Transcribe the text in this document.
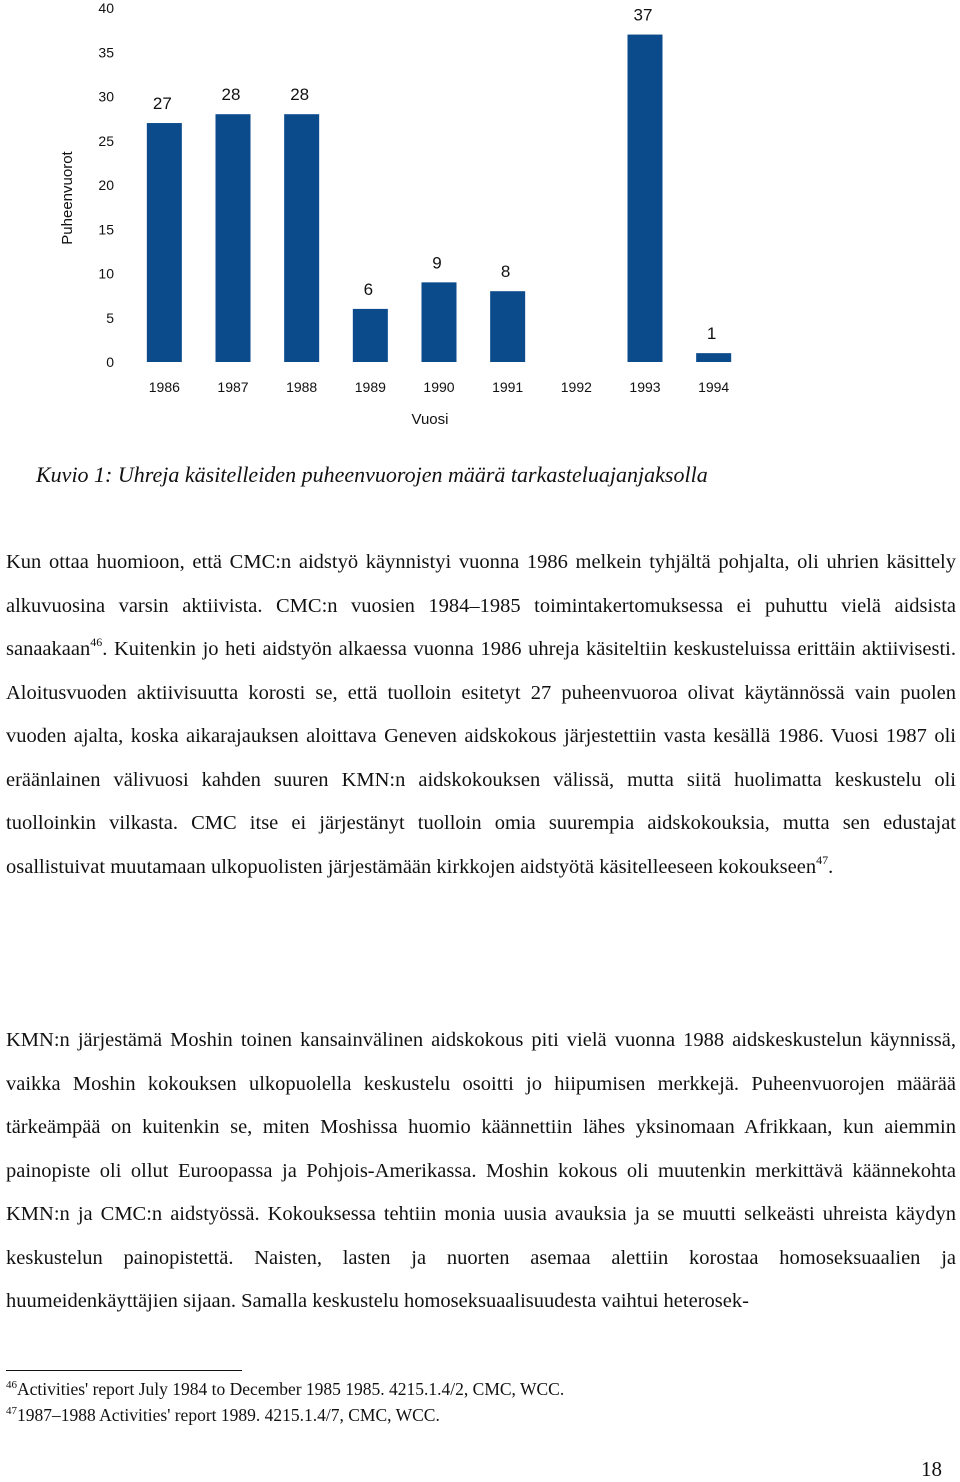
Puheenvuorot
0
5
10
15
20
25
30
35
40
27	28	28
6
9	8
37
1
1986	1987	1988	1989	1990	1991	1992	1993	1994
Vuosi

Kuvio 1: Uhreja käsitelleiden puheenvuorojen määrä tarkasteluajanjaksolla

Kun ottaa huomioon, että CMC:n aidstyö käynnistyi vuonna 1986 melkein tyhjältä pohjalta, oli uhrien käsittely alkuvuosina varsin aktiivista. CMC:n vuosien 1984–1985 toimintakertomuksessa ei puhuttu vielä aidsista sanaakaan$^{46}$. Kuitenkin jo heti aidstyön alkaessa vuonna 1986 uhreja käsiteltiin keskusteluissa erittäin aktiivisesti. Aloitusvuoden aktiivisuutta korosti se, että tuolloin esitetyt 27 puheenvuoroa olivat käytännössä vain puolen vuoden ajalta, koska aikarajauksen aloittava Geneven aidskokous järjestettiin vasta kesällä 1986. Vuosi 1987 oli eräänlainen välivuosi kahden suuren KMN:n aidskokouksen välissä, mutta siitä huolimatta keskustelu oli tuolloinkin vilkasta. CMC itse ei järjestänyt tuolloin omia suurempia aidskokouksia, mutta sen edustajat osallistuivat muutamaan ulkopuolisten järjestämään kirkkojen aidstyötä käsitelleeseen kokoukseen$^{47}$.

KMN:n järjestämä Moshin toinen kansainvälinen aidskokous piti vielä vuonna 1988 aidskeskustelun käynnissä, vaikka Moshin kokouksen ulkopuolella keskustelu osoitti jo hiipumisen merkkejä. Puheenvuorojen määrää tärkeämpää on kuitenkin se, miten Moshissa huomio käännettiin lähes yksinomaan Afrikkaan, kun aiemmin painopiste oli ollut Euroopassa ja Pohjois-Amerikassa. Moshin kokous oli muutenkin merkittävä käännekohta KMN:n ja CMC:n aidstyössä. Kokouksessa tehtiin monia uusia avauksia ja se muutti selkeästi uhreista käydyn keskustelun painopistettä. Naisten, lasten ja nuorten asemaa alettiin korostaa homoseksuaalien ja huumeidenkäyttäjien sijaan. Samalla keskustelu homoseksuaalisuudesta vaihtui heterosek-

$^{46}$Activities' report July 1984 to December 1985 1985. 4215.1.4/2, CMC, WCC.

$^{47}$1987–1988 Activities' report 1989. 4215.1.4/7, CMC, WCC.

18
